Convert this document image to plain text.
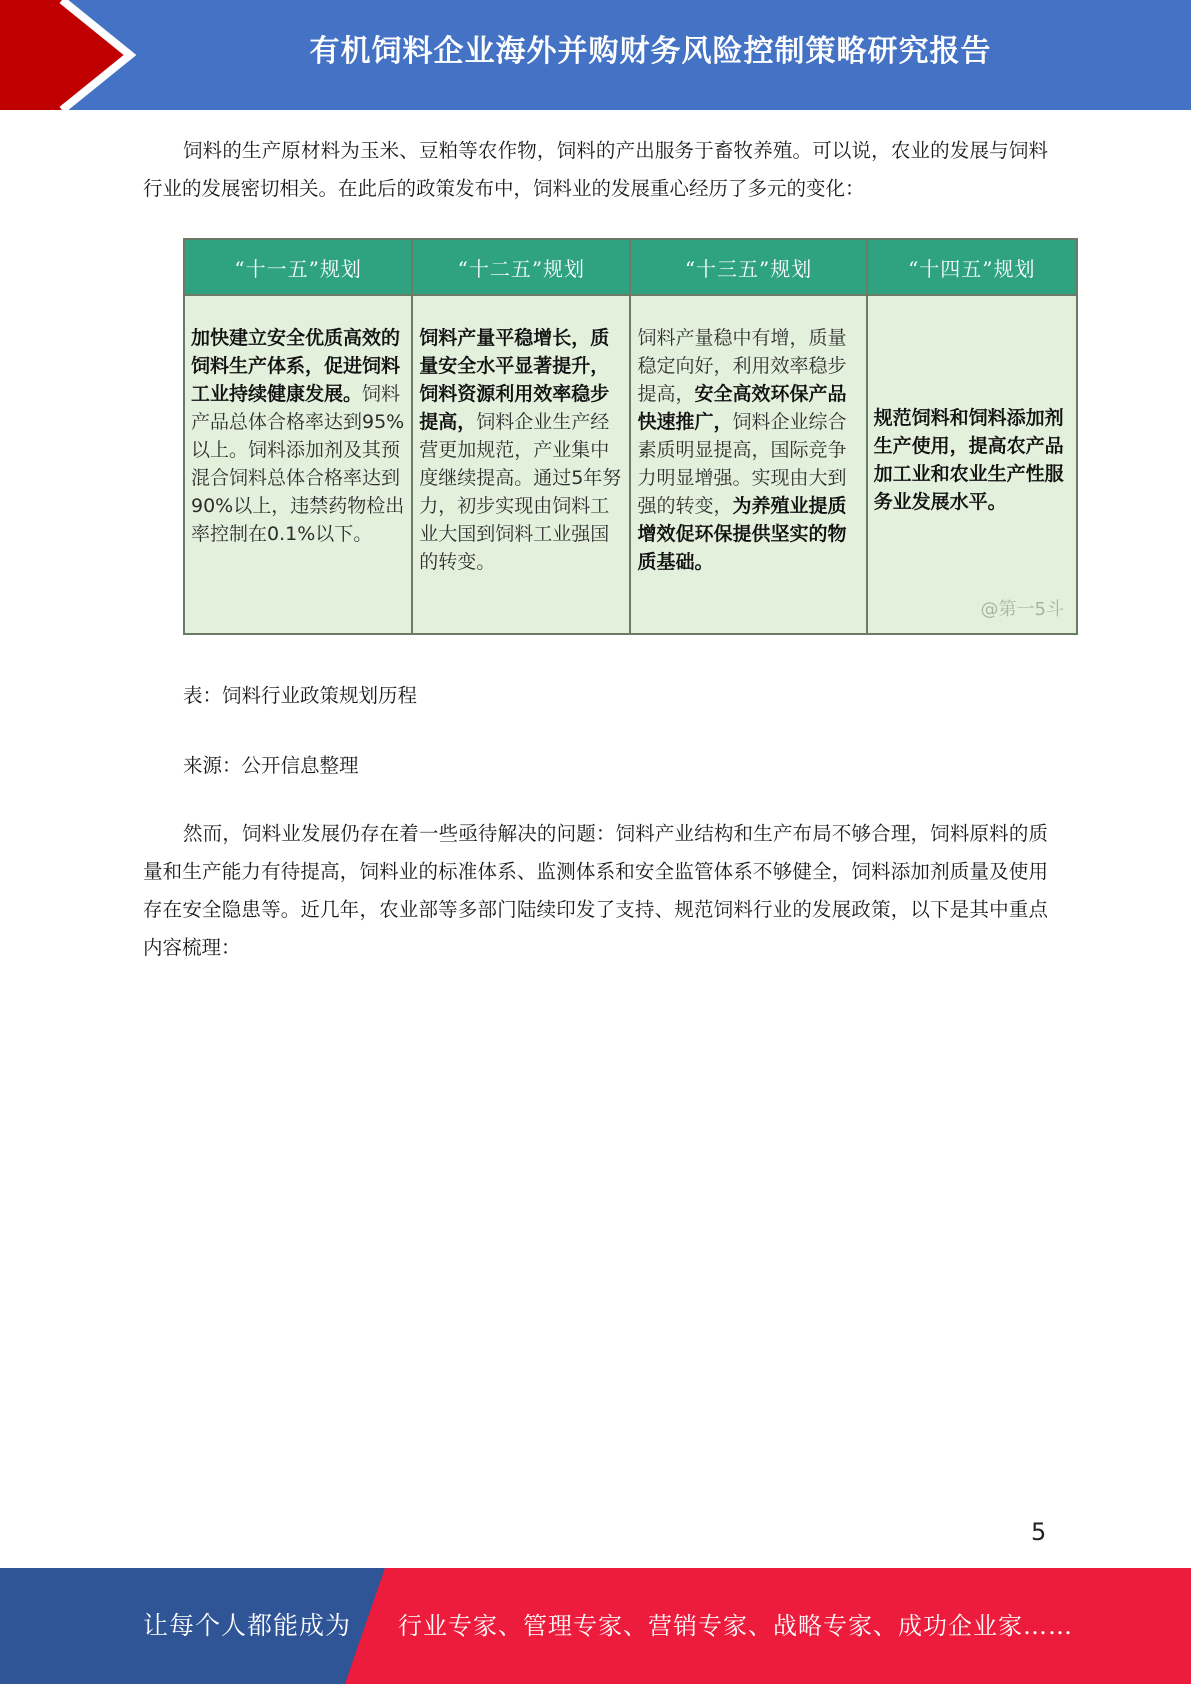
有机饲料企业海外并购财务风险控制策略研究报告

饲料的生产原材料为玉米、豆粕等农作物，饲料的产出服务于畜牧养殖。可以说，农业的发展与饲料行业的发展密切相关。在此后的政策发布中，饲料业的发展重心经历了多元的变化：

“十一五”规划	“十二五”规划	“十三五”规划	“十四五”规划
加快建立安全优质高效的饲料生产体系，促进饲料工业持续健康发展。饲料产品总体合格率达到95%以上。饲料添加剂及其预混合饲料总体合格率达到90%以上，违禁药物检出率控制在0.1%以下。	饲料产量平稳增长，质量安全水平显著提升，饲料资源利用效率稳步提高，饲料企业生产经营更加规范，产业集中度继续提高。通过5年努力，初步实现由饲料工业大国到饲料工业强国的转变。	饲料产量稳中有增，质量稳定向好，利用效率稳步提高，安全高效环保产品快速推广，饲料企业综合素质明显提高，国际竞争力明显增强。实现由大到强的转变，为养殖业提质增效促环保提供坚实的物质基础。	规范饲料和饲料添加剂生产使用，提高农产品加工业和农业生产性服务业发展水平。
@第一5斗

表：饲料行业政策规划历程

来源：公开信息整理

然而，饲料业发展仍存在着一些亟待解决的问题：饲料产业结构和生产布局不够合理，饲料原料的质量和生产能力有待提高，饲料业的标准体系、监测体系和安全监管体系不够健全，饲料添加剂质量及使用存在安全隐患等。近几年，农业部等多部门陆续印发了支持、规范饲料行业的发展政策，以下是其中重点内容梳理：

5
让每个人都能成为 行业专家、管理专家、营销专家、战略专家、成功企业家……
